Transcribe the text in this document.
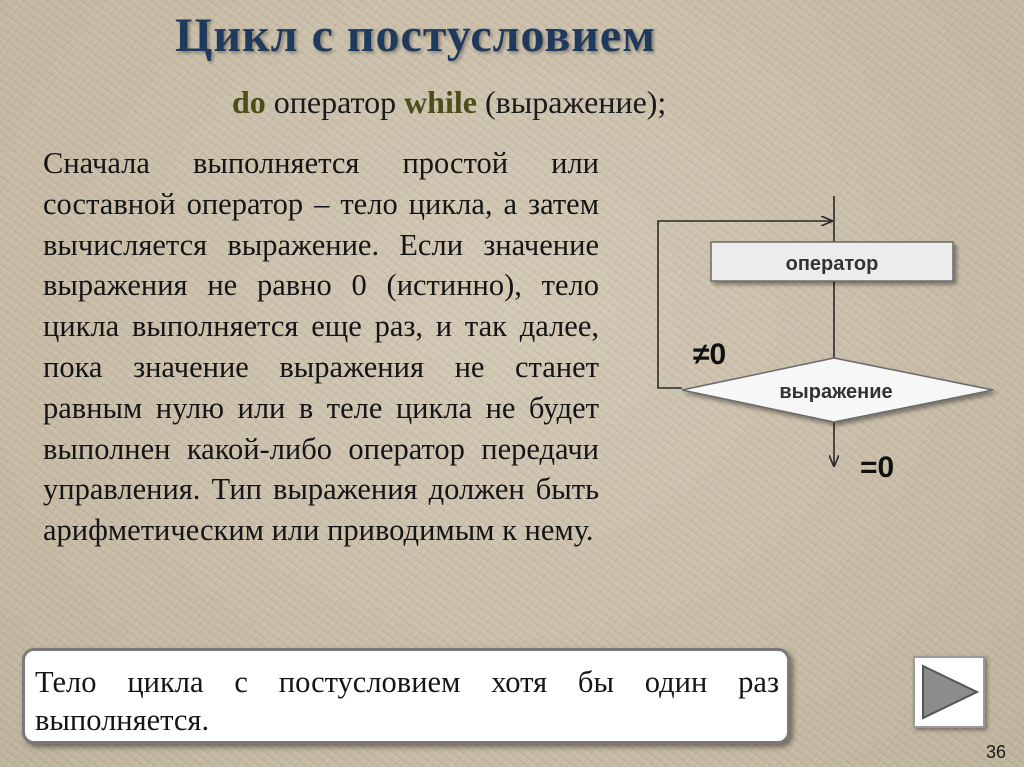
Цикл с постусловием
do оператор while (выражение);

Сначала выполняется простой или составной оператор – тело цикла, а затем вычисляется выражение. Если значение выражения не равно 0 (истинно), тело цикла выполняется еще раз, и так далее, пока значение выражения не станет равным нулю или в теле цикла не будет выполнен какой-либо оператор передачи управления. Тип выражения должен быть арифметическим или приводимым к нему.

оператор
выражение
≠0
=0
Тело цикла с постусловием хотя бы один раз выполняется.
36
